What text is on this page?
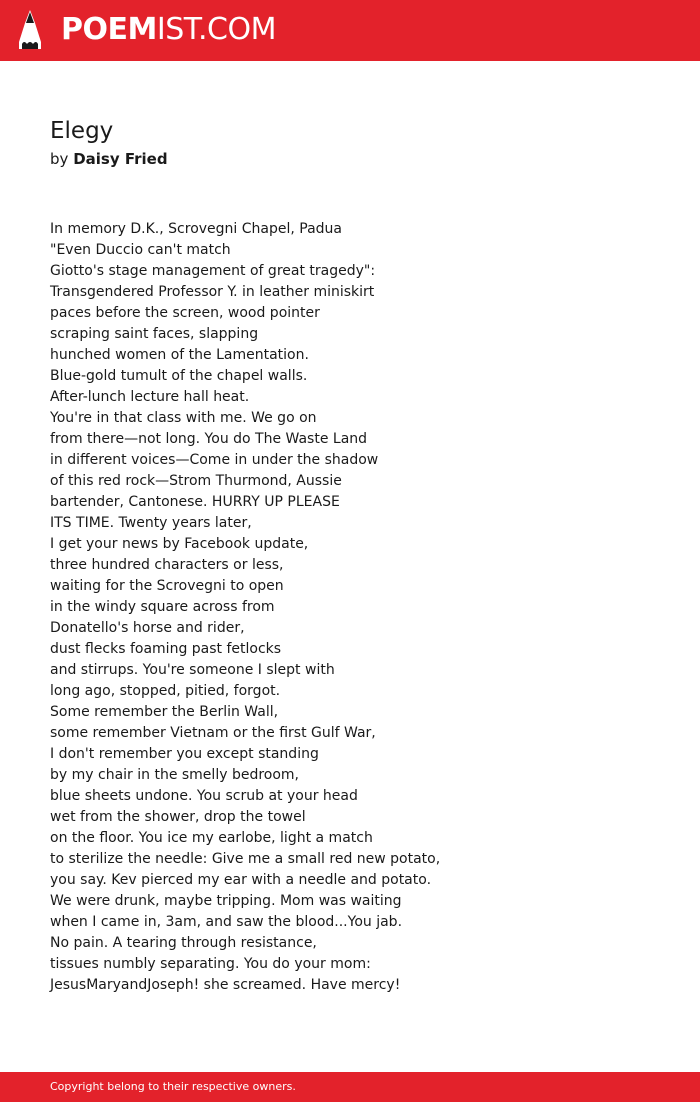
POEMIST.COM
Elegy
by Daisy Fried
In memory D.K., Scrovegni Chapel, Padua
"Even Duccio can't match
Giotto's stage management of great tragedy":
Transgendered Professor Y. in leather miniskirt
paces before the screen, wood pointer
scraping saint faces, slapping
hunched women of the Lamentation.
Blue-gold tumult of the chapel walls.
After-lunch lecture hall heat.
You're in that class with me. We go on
from there—not long. You do The Waste Land
in different voices—Come in under the shadow
of this red rock—Strom Thurmond, Aussie
bartender, Cantonese. HURRY UP PLEASE
ITS TIME. Twenty years later,
I get your news by Facebook update,
three hundred characters or less,
waiting for the Scrovegni to open
in the windy square across from
Donatello's horse and rider,
dust flecks foaming past fetlocks
and stirrups. You're someone I slept with
long ago, stopped, pitied, forgot.
Some remember the Berlin Wall,
some remember Vietnam or the first Gulf War,
I don't remember you except standing
by my chair in the smelly bedroom,
blue sheets undone. You scrub at your head
wet from the shower, drop the towel
on the floor. You ice my earlobe, light a match
to sterilize the needle: Give me a small red new potato,
you say. Kev pierced my ear with a needle and potato.
We were drunk, maybe tripping. Mom was waiting
when I came in, 3am, and saw the blood...You jab.
No pain. A tearing through resistance,
tissues numbly separating. You do your mom:
JesusMaryandJoseph! she screamed. Have mercy!
Copyright belong to their respective owners.
